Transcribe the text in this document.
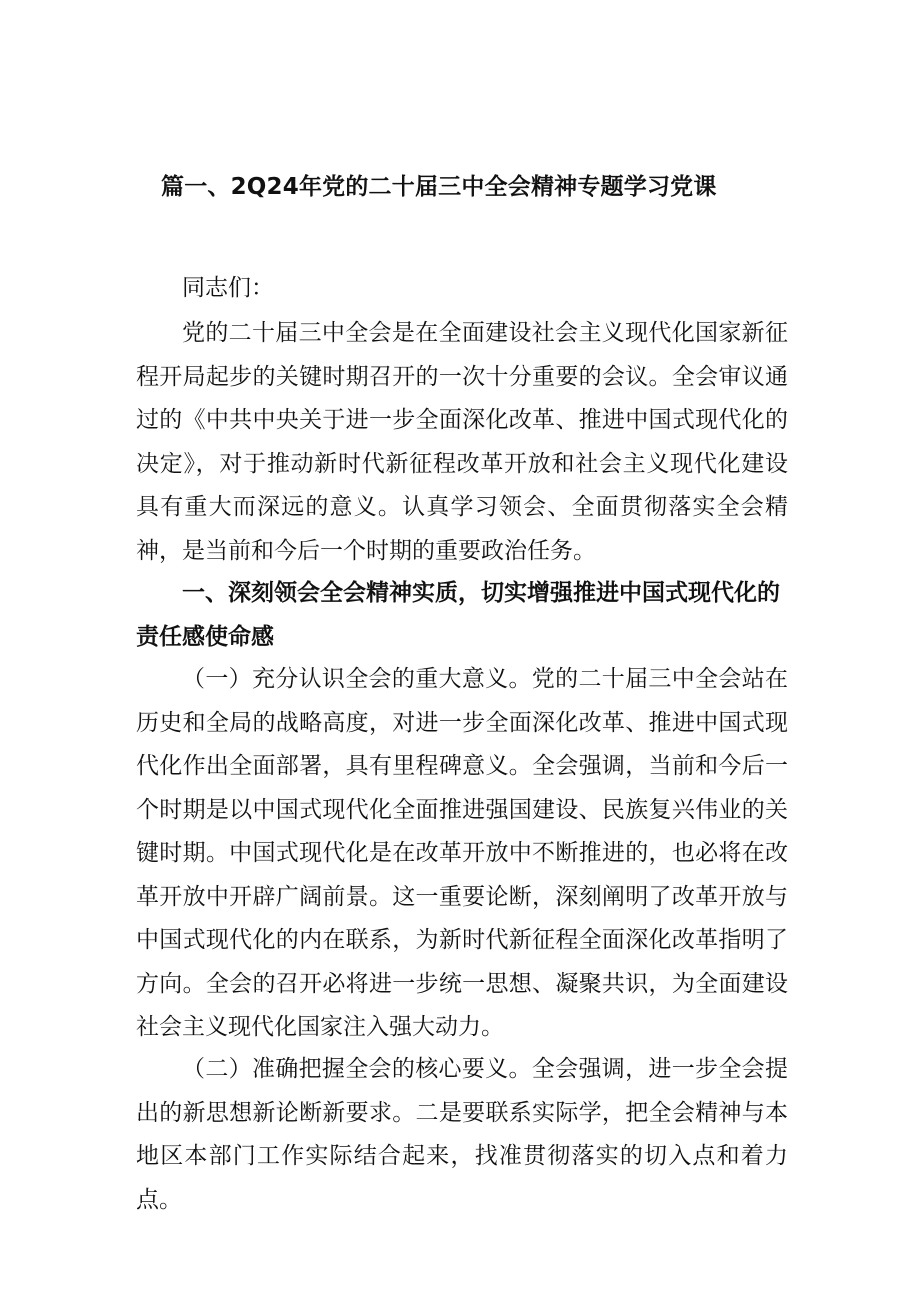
篇一、2Q24年党的二十届三中全会精神专题学习党课
同志们：

党的二十届三中全会是在全面建设社会主义现代化国家新征程开局起步的关键时期召开的一次十分重要的会议。全会审议通过的《中共中央关于进一步全面深化改革、推进中国式现代化的决定》，对于推动新时代新征程改革开放和社会主义现代化建设具有重大而深远的意义。认真学习领会、全面贯彻落实全会精神，是当前和今后一个时期的重要政治任务。

一、深刻领会全会精神实质，切实增强推进中国式现代化的责任感使命感

（一）充分认识全会的重大意义。党的二十届三中全会站在历史和全局的战略高度，对进一步全面深化改革、推进中国式现代化作出全面部署，具有里程碑意义。全会强调，当前和今后一个时期是以中国式现代化全面推进强国建设、民族复兴伟业的关键时期。中国式现代化是在改革开放中不断推进的，也必将在改革开放中开辟广阔前景。这一重要论断，深刻阐明了改革开放与中国式现代化的内在联系，为新时代新征程全面深化改革指明了方向。全会的召开必将进一步统一思想、凝聚共识，为全面建设社会主义现代化国家注入强大动力。

（二）准确把握全会的核心要义。全会强调，进一步全会提出的新思想新论断新要求。二是要联系实际学，把全会精神与本地区本部门工作实际结合起来，找准贯彻落实的切入点和着力点。
